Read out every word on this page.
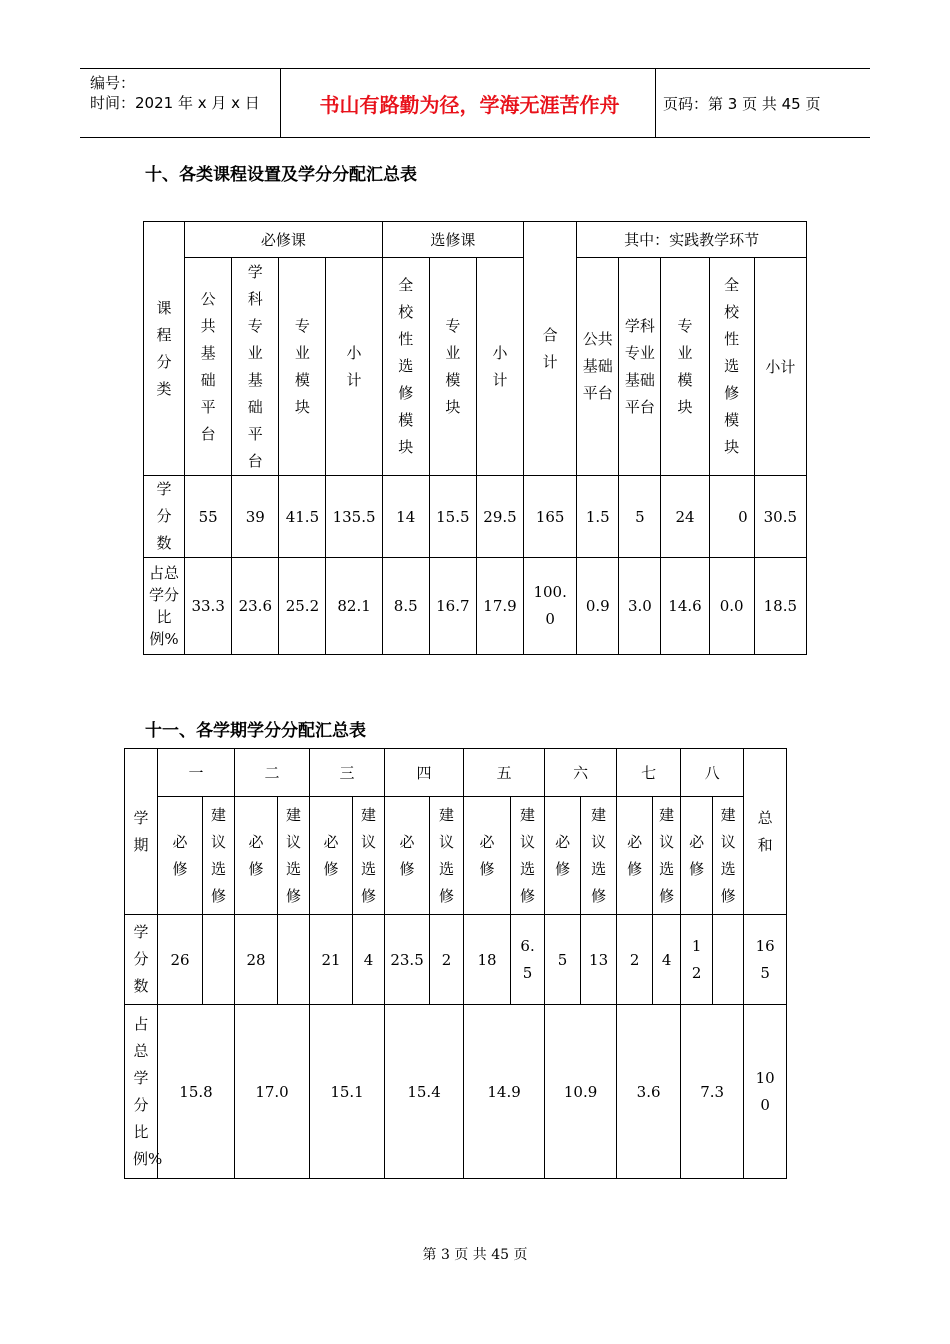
编号：
时间：2021 年 x 月 x 日	书山有路勤为径，学海无涯苦作舟	页码：第 3 页 共 45 页
十、各类课程设置及学分分配汇总表
课程分类	必修课				选修课			合计	其中：实践教学环节				
	公共基础平台	学科专业基础平台	专业模块	小计	全校性选修模块	专业模块	小计		公共基础平台	学科专业基础平台	专业模块	全校性选修模块	小计
学分数	55	39	41.5	135.5	14	15.5	29.5	165	1.5	5	24	0	30.5
占总学分比例%	33.3	23.6	25.2	82.1	8.5	16.7	17.9	100.0	0.9	3.0	14.6	0.0	18.5
十一、各学期学分分配汇总表
学期	一		二		三		四		五		六		七		八		总和
	必修	建议选修	必修	建议选修	必修	建议选修	必修	建议选修	必修	建议选修	必修	建议选修	必修	建议选修	必修	建议选修	
学分数	26		28		21	4	23.5	2	18	6.5	5	13	2	4	12		165
占总学分比例%	15.8		17.0		15.1		15.4		14.9		10.9		3.6		7.3		100
第 3 页 共 45 页
